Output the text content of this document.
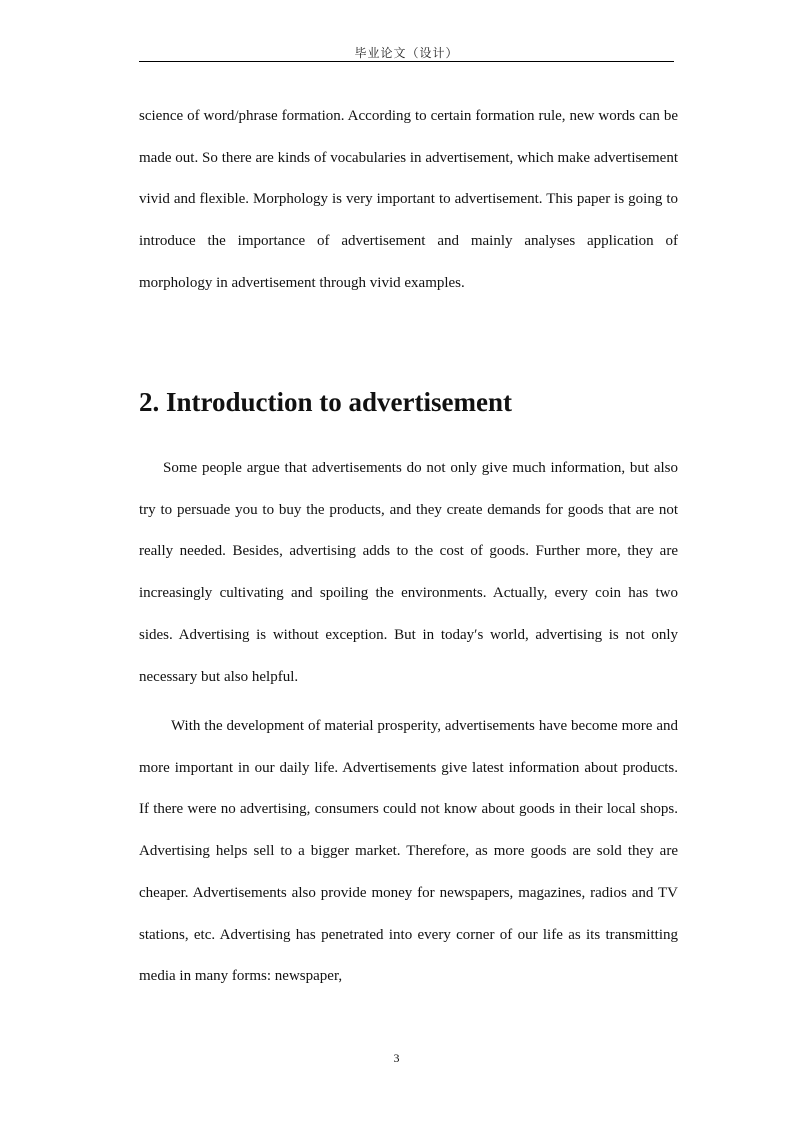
毕业论文（设计）

science of word/phrase formation. According to certain formation rule, new words can be made out. So there are kinds of vocabularies in advertisement, which make advertisement vivid and flexible. Morphology is very important to advertisement. This paper is going to introduce the importance of advertisement and mainly analyses application of morphology in advertisement through vivid examples.

2. Introduction to advertisement

Some people argue that advertisements do not only give much information, but also try to persuade you to buy the products, and they create demands for goods that are not really needed. Besides, advertising adds to the cost of goods. Further more, they are increasingly cultivating and spoiling the environments. Actually, every coin has two sides. Advertising is without exception. But in today′s world, advertising is not only necessary but also helpful.

With the development of material prosperity, advertisements have become more and more important in our daily life. Advertisements give latest information about products. If there were no advertising, consumers could not know about goods in their local shops. Advertising helps sell to a bigger market. Therefore, as more goods are sold they are cheaper. Advertisements also provide money for newspapers, magazines, radios and TV stations, etc. Advertising has penetrated into every corner of our life as its transmitting media in many forms: newspaper,

3
